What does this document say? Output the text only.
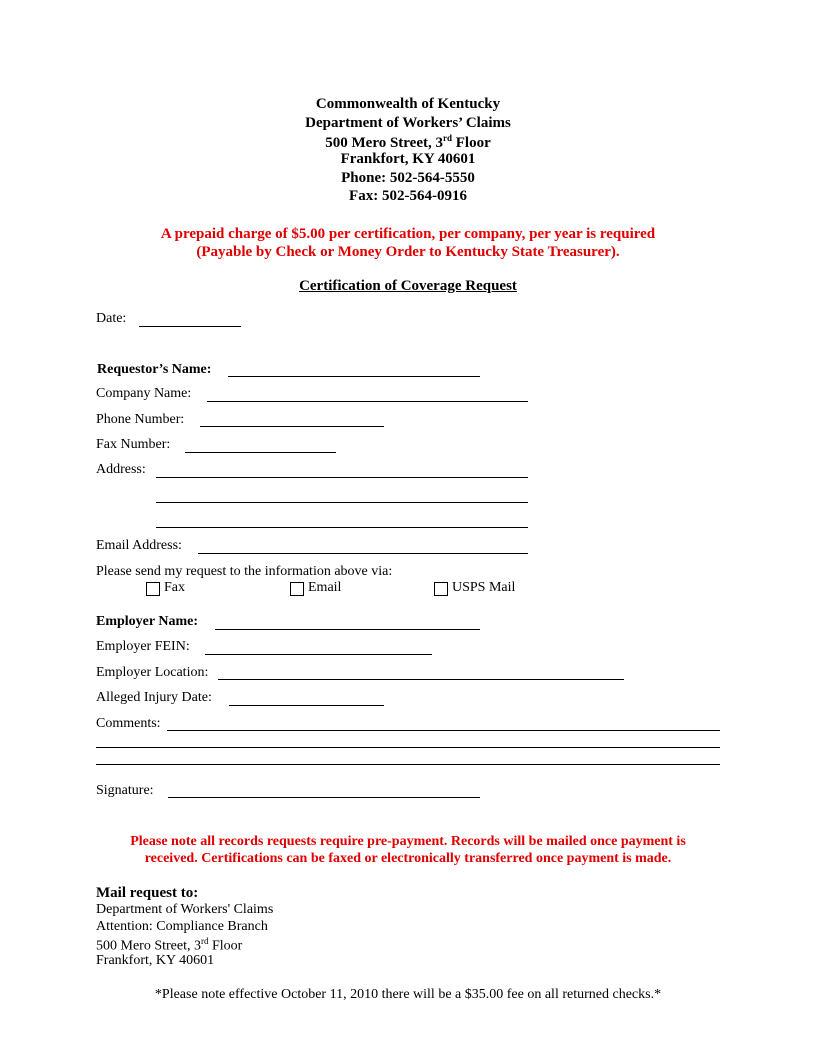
Commonwealth of Kentucky
Department of Workers’ Claims
500 Mero Street, 3rd Floor
Frankfort, KY 40601
Phone: 502-564-5550
Fax: 502-564-0916
A prepaid charge of $5.00 per certification, per company, per year is required
(Payable by Check or Money Order to Kentucky State Treasurer).
Certification of Coverage Request
Date:
Requestor’s Name:
Company Name:
Phone Number:
Fax Number:
Address:
Email Address:
Please send my request to the information above via:
Fax	Email	USPS Mail
Employer Name:
Employer FEIN:
Employer Location:
Alleged Injury Date:
Comments:
Signature:
Please note all records requests require pre-payment. Records will be mailed once payment is
received. Certifications can be faxed or electronically transferred once payment is made.
Mail request to:
Department of Workers' Claims
Attention: Compliance Branch
500 Mero Street, 3rd Floor
Frankfort, KY 40601
*Please note effective October 11, 2010 there will be a $35.00 fee on all returned checks.*
